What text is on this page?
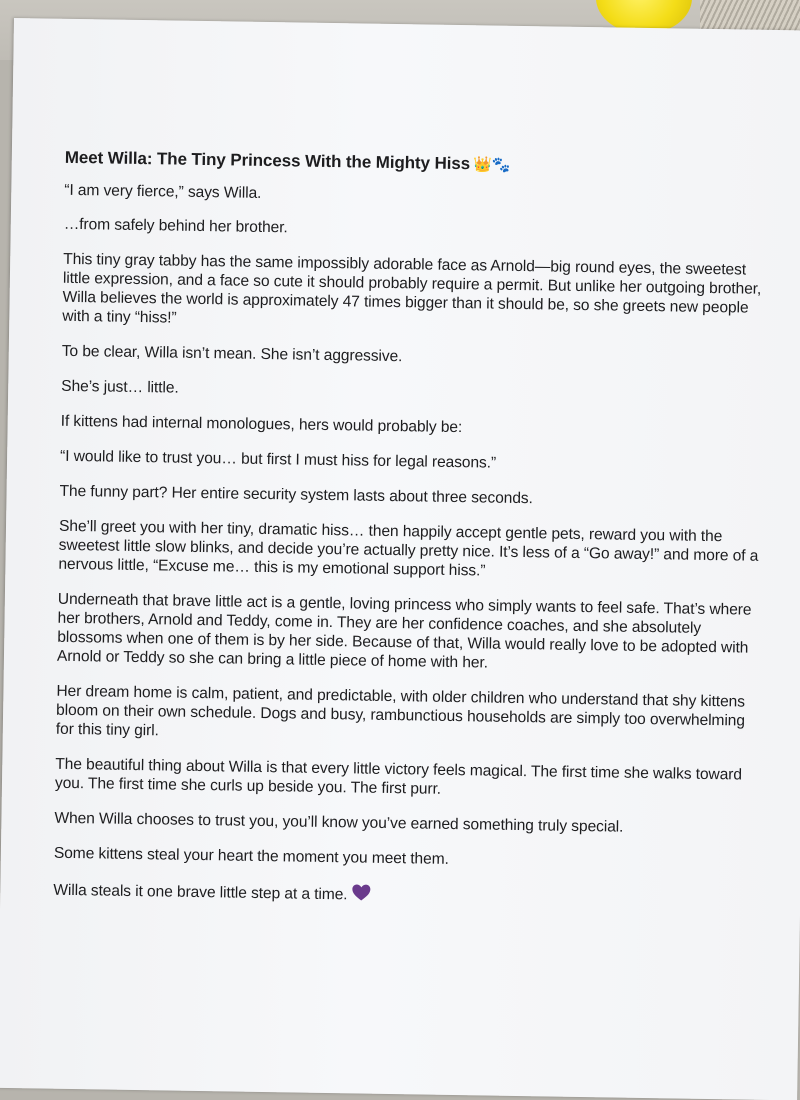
Meet Willa: The Tiny Princess With the Mighty Hiss 👑🐾

“I am very fierce,” says Willa.

…from safely behind her brother.

This tiny gray tabby has the same impossibly adorable face as Arnold—big round eyes, the sweetest little expression, and a face so cute it should probably require a permit. But unlike her outgoing brother, Willa believes the world is approximately 47 times bigger than it should be, so she greets new people with a tiny “hiss!”

To be clear, Willa isn’t mean. She isn’t aggressive.

She’s just… little.

If kittens had internal monologues, hers would probably be:

“I would like to trust you… but first I must hiss for legal reasons.”

The funny part? Her entire security system lasts about three seconds.

She’ll greet you with her tiny, dramatic hiss… then happily accept gentle pets, reward you with the sweetest little slow blinks, and decide you’re actually pretty nice. It’s less of a “Go away!” and more of a nervous little, “Excuse me… this is my emotional support hiss.”

Underneath that brave little act is a gentle, loving princess who simply wants to feel safe. That’s where her brothers, Arnold and Teddy, come in. They are her confidence coaches, and she absolutely blossoms when one of them is by her side. Because of that, Willa would really love to be adopted with Arnold or Teddy so she can bring a little piece of home with her.

Her dream home is calm, patient, and predictable, with older children who understand that shy kittens bloom on their own schedule. Dogs and busy, rambunctious households are simply too overwhelming for this tiny girl.

The beautiful thing about Willa is that every little victory feels magical. The first time she walks toward you. The first time she curls up beside you. The first purr.

When Willa chooses to trust you, you’ll know you’ve earned something truly special.

Some kittens steal your heart the moment you meet them.

Willa steals it one brave little step at a time.
